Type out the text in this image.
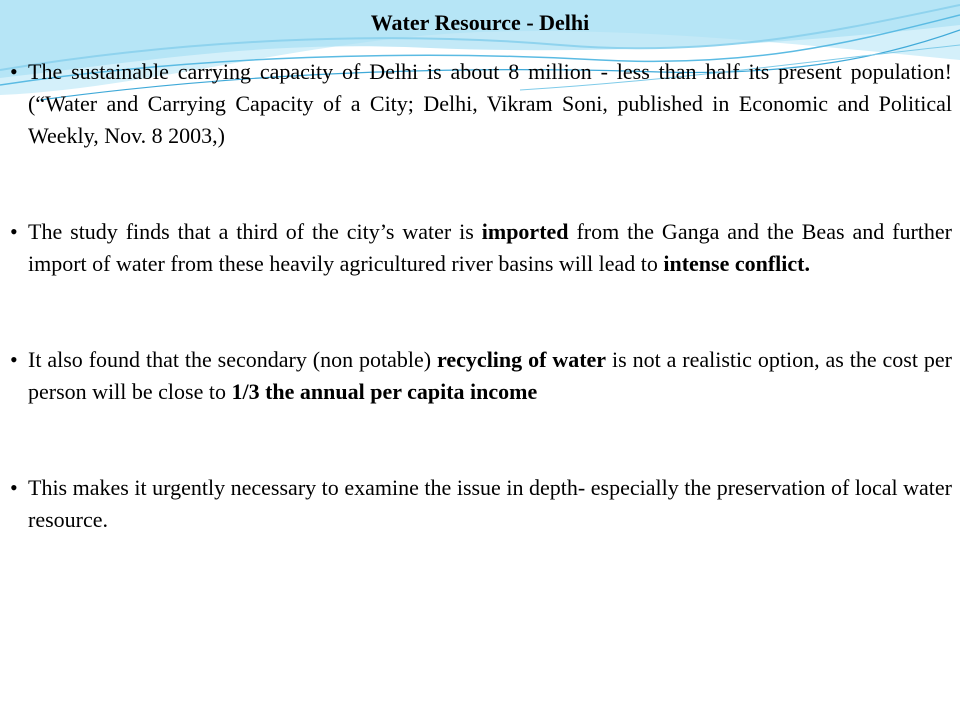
Water Resource - Delhi
• The sustainable carrying capacity of Delhi is about 8 million - less than half its present population! (“Water and Carrying Capacity of a City; Delhi, Vikram Soni, published in Economic and Political Weekly, Nov. 8 2003,)
• The study finds that a third of the city’s water is imported from the Ganga and the Beas and further import of water from these heavily agricultured river basins will lead to intense conflict.
• It also found that the secondary (non potable) recycling of water is not a realistic option, as the cost per person will be close to 1/3 the annual per capita income
• This makes it urgently necessary to examine the issue in depth- especially the preservation of local water resource.
